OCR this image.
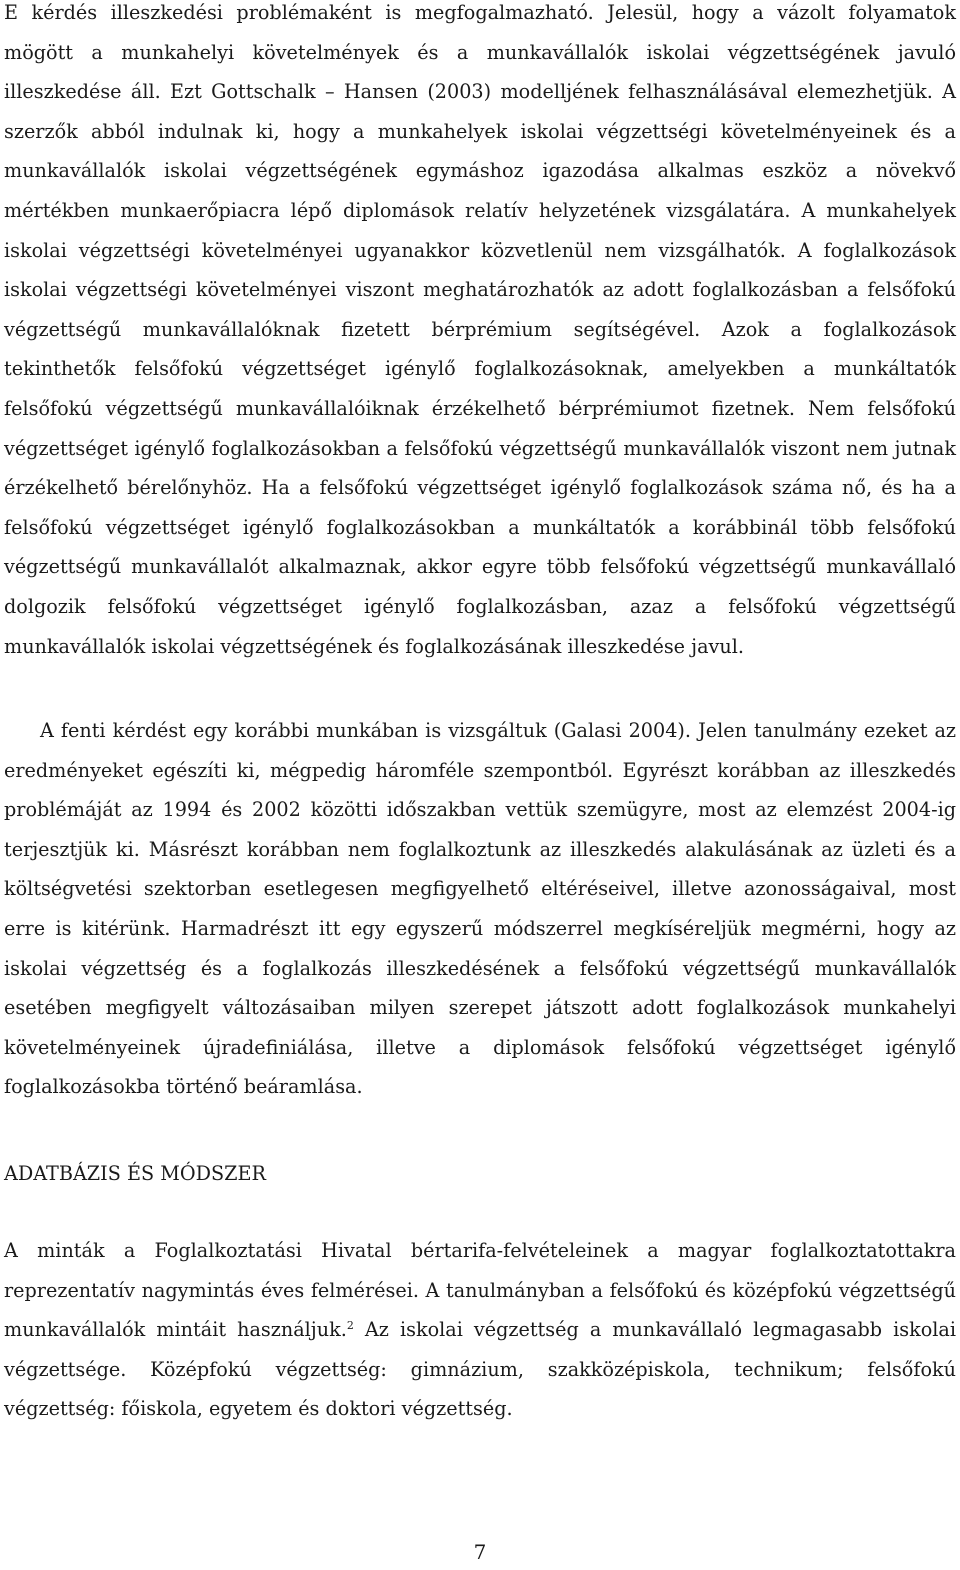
E kérdés illeszkedési problémaként is megfogalmazható. Jelesül, hogy a vázolt folyamatok mögött a munkahelyi követelmények és a munkavállalók iskolai végzettségének javuló illeszkedése áll. Ezt Gottschalk – Hansen (2003) modelljének felhasználásával elemezhetjük. A szerzők abból indulnak ki, hogy a munkahelyek iskolai végzettségi követelményeinek és a munkavállalók iskolai végzettségének egymáshoz igazodása alkalmas eszköz a növekvő mértékben munkaerőpiacra lépő diplomások relatív helyzetének vizsgálatára. A munkahelyek iskolai végzettségi követelményei ugyanakkor közvetlenül nem vizsgálhatók. A foglalkozások iskolai végzettségi követelményei viszont meghatározhatók az adott foglalkozásban a felsőfokú végzettségű munkavállalóknak fizetett bérprémium segítségével. Azok a foglalkozások tekinthetők felsőfokú végzettséget igénylő foglalkozásoknak, amelyekben a munkáltatók felsőfokú végzettségű munkavállalóiknak érzékelhető bérprémiumot fizetnek. Nem felsőfokú végzettséget igénylő foglalkozásokban a felsőfokú végzettségű munkavállalók viszont nem jutnak érzékelhető bérelőnyhöz. Ha a felsőfokú végzettséget igénylő foglalkozások száma nő, és ha a felsőfokú végzettséget igénylő foglalkozásokban a munkáltatók a korábbinál több felsőfokú végzettségű munkavállalót alkalmaznak, akkor egyre több felsőfokú végzettségű munkavállaló dolgozik felsőfokú végzettséget igénylő foglalkozásban, azaz a felsőfokú végzettségű munkavállalók iskolai végzettségének és foglalkozásának illeszkedése javul.

A fenti kérdést egy korábbi munkában is vizsgáltuk (Galasi 2004). Jelen tanulmány ezeket az eredményeket egészíti ki, mégpedig háromféle szempontból. Egyrészt korábban az illeszkedés problémáját az 1994 és 2002 közötti időszakban vettük szemügyre, most az elemzést 2004-ig terjesztjük ki. Másrészt korábban nem foglalkoztunk az illeszkedés alakulásának az üzleti és a költségvetési szektorban esetlegesen megfigyelhető eltéréseivel, illetve azonosságaival, most erre is kitérünk. Harmadrészt itt egy egyszerű módszerrel megkíséreljük megmérni, hogy az iskolai végzettség és a foglalkozás illeszkedésének a felsőfokú végzettségű munkavállalók esetében megfigyelt változásaiban milyen szerepet játszott adott foglalkozások munkahelyi követelményeinek újradefiniálása, illetve a diplomások felsőfokú végzettséget igénylő foglalkozásokba történő beáramlása.

ADATBÁZIS ÉS MÓDSZER

A minták a Foglalkoztatási Hivatal bértarifa-felvételeinek a magyar foglalkoztatottakra reprezentatív nagymintás éves felmérései. A tanulmányban a felsőfokú és középfokú végzettségű munkavállalók mintáit használjuk.$^2$ Az iskolai végzettség a munkavállaló legmagasabb iskolai végzettsége. Középfokú végzettség: gimnázium, szakközépiskola, technikum; felsőfokú végzettség: főiskola, egyetem és doktori végzettség.

7
